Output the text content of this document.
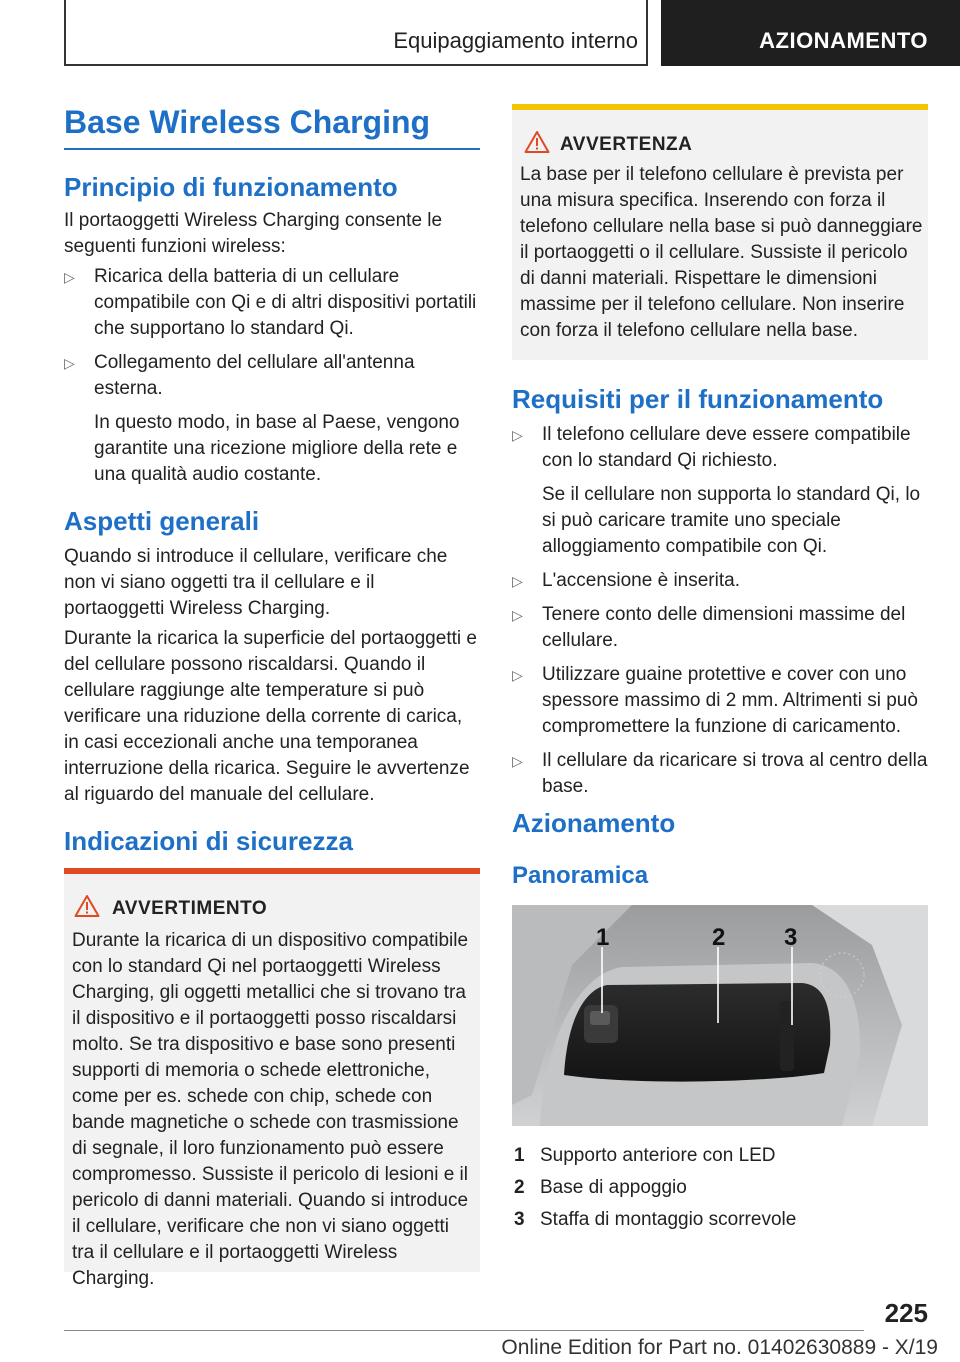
Equipaggiamento interno	AZIONAMENTO
Base Wireless Charging
Principio di funzionamento
Il portaoggetti Wireless Charging consente le seguenti funzioni wireless:
▷ Ricarica della batteria di un cellulare compatibile con Qi e di altri dispositivi portatili che supportano lo standard Qi.
▷ Collegamento del cellulare all'antenna esterna.
In questo modo, in base al Paese, vengono garantite una ricezione migliore della rete e una qualità audio costante.
Aspetti generali
Quando si introduce il cellulare, verificare che non vi siano oggetti tra il cellulare e il portaoggetti Wireless Charging.
Durante la ricarica la superficie del portaoggetti e del cellulare possono riscaldarsi. Quando il cellulare raggiunge alte temperature si può verificare una riduzione della corrente di carica, in casi eccezionali anche una temporanea interruzione della ricarica. Seguire le avvertenze al riguardo del manuale del cellulare.
Indicazioni di sicurezza
AVVERTIMENTO
Durante la ricarica di un dispositivo compatibile con lo standard Qi nel portaoggetti Wireless Charging, gli oggetti metallici che si trovano tra il dispositivo e il portaoggetti posso riscaldarsi molto. Se tra dispositivo e base sono presenti supporti di memoria o schede elettroniche, come per es. schede con chip, schede con bande magnetiche o schede con trasmissione di segnale, il loro funzionamento può essere compromesso. Sussiste il pericolo di lesioni e il pericolo di danni materiali. Quando si introduce il cellulare, verificare che non vi siano oggetti tra il cellulare e il portaoggetti Wireless Charging.
AVVERTENZA
La base per il telefono cellulare è prevista per una misura specifica. Inserendo con forza il telefono cellulare nella base si può danneggiare il portaoggetti o il cellulare. Sussiste il pericolo di danni materiali. Rispettare le dimensioni massime per il telefono cellulare. Non inserire con forza il telefono cellulare nella base.
Requisiti per il funzionamento
▷ Il telefono cellulare deve essere compatibile con lo standard Qi richiesto.
Se il cellulare non supporta lo standard Qi, lo si può caricare tramite uno speciale alloggiamento compatibile con Qi.
▷ L'accensione è inserita.
▷ Tenere conto delle dimensioni massime del cellulare.
▷ Utilizzare guaine protettive e cover con uno spessore massimo di 2 mm. Altrimenti si può compromettere la funzione di caricamento.
▷ Il cellulare da ricaricare si trova al centro della base.
Azionamento
Panoramica
1	2 3
1 Supporto anteriore con LED
2 Base di appoggio
3 Staffa di montaggio scorrevole
225
Online Edition for Part no. 01402630889 - X/19
